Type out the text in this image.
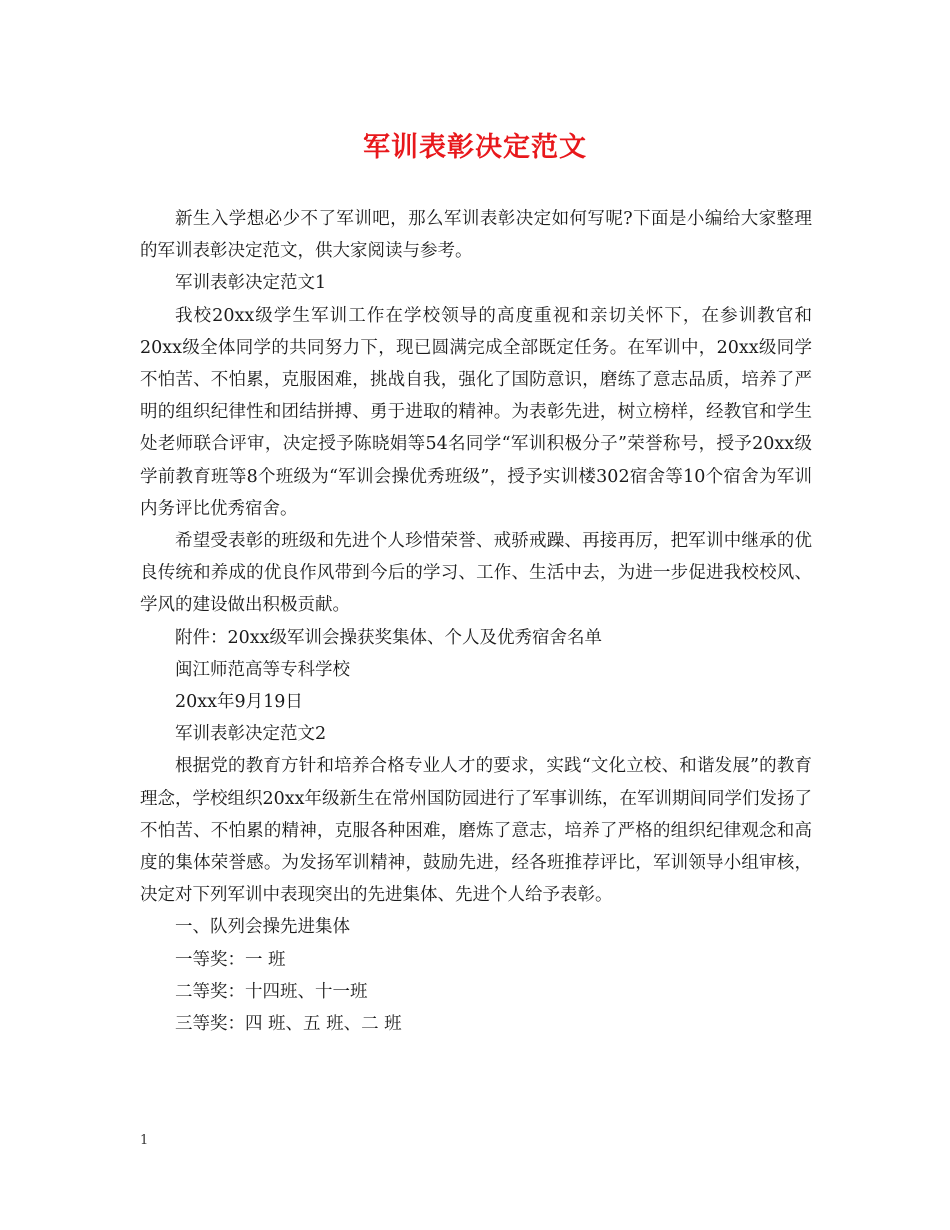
军训表彰决定范文

新生入学想必少不了军训吧，那么军训表彰决定如何写呢?下面是小编给大家整理的军训表彰决定范文，供大家阅读与参考。

军训表彰决定范文1

我校20xx级学生军训工作在学校领导的高度重视和亲切关怀下，在参训教官和20xx级全体同学的共同努力下，现已圆满完成全部既定任务。在军训中，20xx级同学不怕苦、不怕累，克服困难，挑战自我，强化了国防意识，磨练了意志品质，培养了严明的组织纪律性和团结拼搏、勇于进取的精神。为表彰先进，树立榜样，经教官和学生处老师联合评审，决定授予陈晓娟等54名同学“军训积极分子”荣誉称号，授予20xx级学前教育班等8个班级为“军训会操优秀班级”，授予实训楼302宿舍等10个宿舍为军训内务评比优秀宿舍。

希望受表彰的班级和先进个人珍惜荣誉、戒骄戒躁、再接再厉，把军训中继承的优良传统和养成的优良作风带到今后的学习、工作、生活中去，为进一步促进我校校风、学风的建设做出积极贡献。

附件：20xx级军训会操获奖集体、个人及优秀宿舍名单

闽江师范高等专科学校

20xx年9月19日

军训表彰决定范文2

根据党的教育方针和培养合格专业人才的要求，实践“文化立校、和谐发展”的教育理念，学校组织20xx年级新生在常州国防园进行了军事训练，在军训期间同学们发扬了不怕苦、不怕累的精神，克服各种困难，磨炼了意志，培养了严格的组织纪律观念和高度的集体荣誉感。为发扬军训精神，鼓励先进，经各班推荐评比，军训领导小组审核，决定对下列军训中表现突出的先进集体、先进个人给予表彰。

一、队列会操先进集体

一等奖：一 班

二等奖：十四班、十一班

三等奖：四 班、五 班、二 班

1
